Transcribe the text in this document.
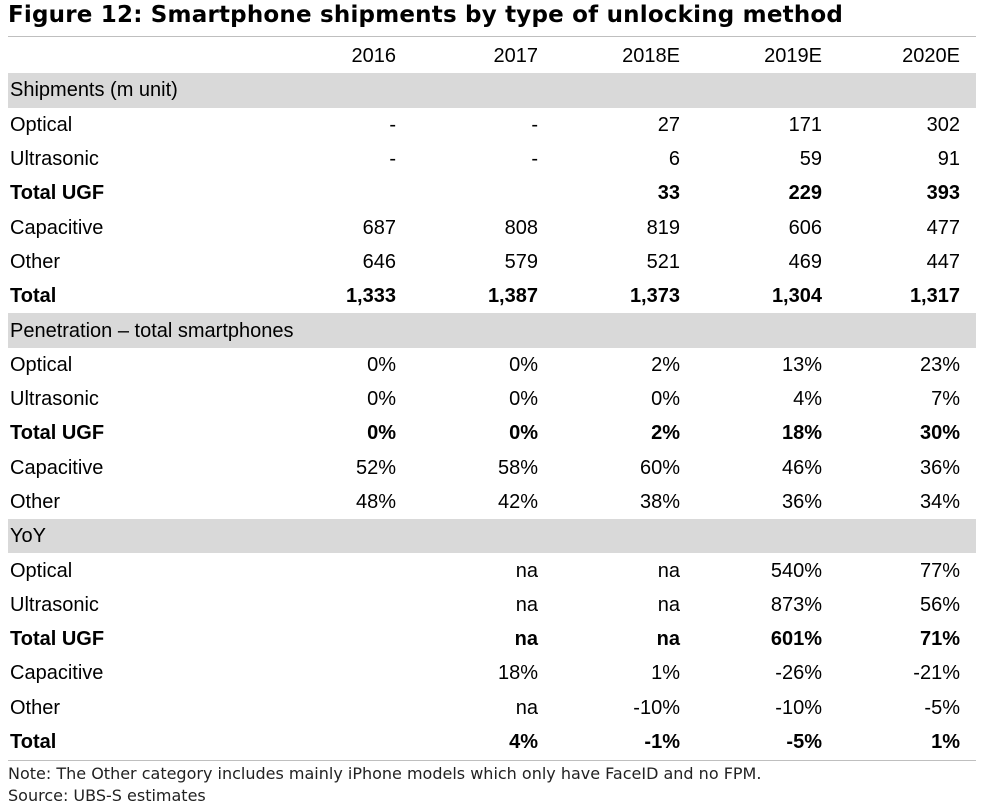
Figure 12: Smartphone shipments by type of unlocking method
	2016	2017	2018E	2019E	2020E
Shipments (m unit)					
Optical	-	-	27	171	302
Ultrasonic	-	-	6	59	91
Total UGF			33	229	393
Capacitive	687	808	819	606	477
Other	646	579	521	469	447
Total	1,333	1,387	1,373	1,304	1,317
Penetration – total smartphones					
Optical	0%	0%	2%	13%	23%
Ultrasonic	0%	0%	0%	4%	7%
Total UGF	0%	0%	2%	18%	30%
Capacitive	52%	58%	60%	46%	36%
Other	48%	42%	38%	36%	34%
YoY					
Optical		na	na	540%	77%
Ultrasonic		na	na	873%	56%
Total UGF		na	na	601%	71%
Capacitive		18%	1%	-26%	-21%
Other		na	-10%	-10%	-5%
Total		4%	-1%	-5%	1%
Note: The Other category includes mainly iPhone models which only have FaceID and no FPM.
Source: UBS-S estimates
